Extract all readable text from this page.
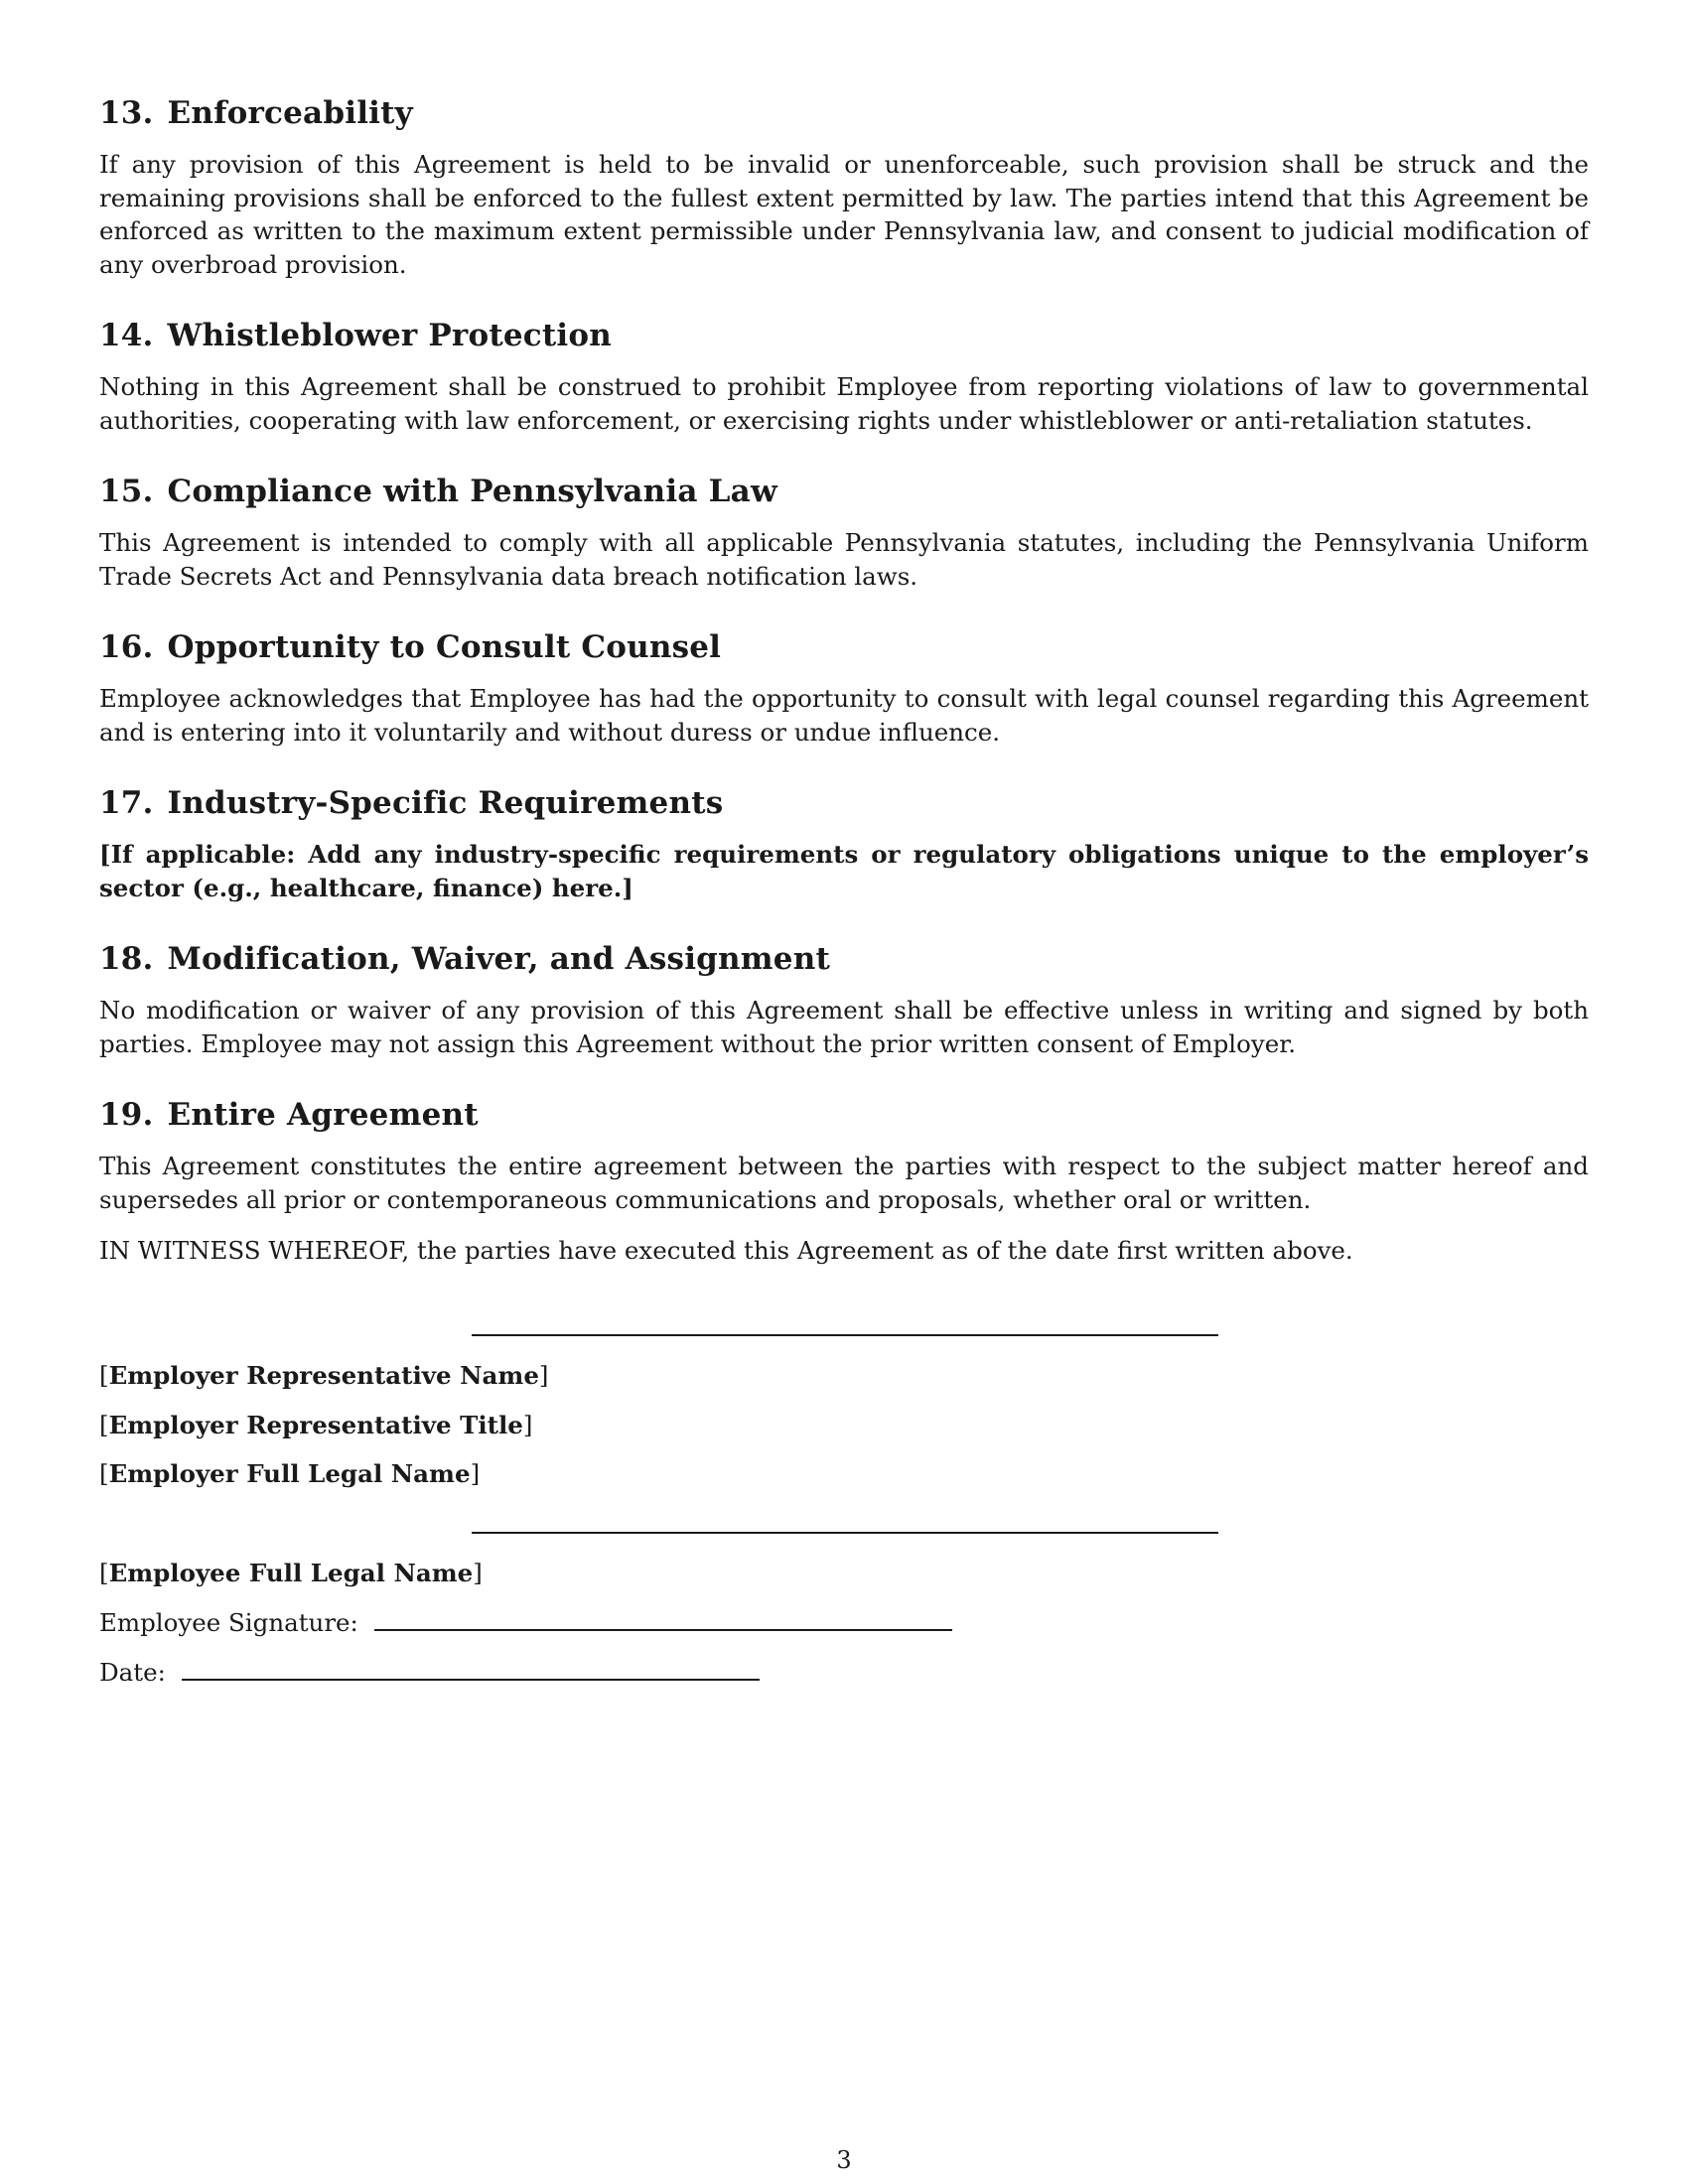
13. Enforceability

If any provision of this Agreement is held to be invalid or unenforceable, such provision shall be struck and the remaining provisions shall be enforced to the fullest extent permitted by law. The parties intend that this Agreement be enforced as written to the maximum extent permissible under Pennsylvania law, and consent to judicial modification of any overbroad provision.

14. Whistleblower Protection

Nothing in this Agreement shall be construed to prohibit Employee from reporting violations of law to governmental authorities, cooperating with law enforcement, or exercising rights under whistleblower or anti-retaliation statutes.

15. Compliance with Pennsylvania Law

This Agreement is intended to comply with all applicable Pennsylvania statutes, including the Pennsylvania Uniform Trade Secrets Act and Pennsylvania data breach notification laws.

16. Opportunity to Consult Counsel

Employee acknowledges that Employee has had the opportunity to consult with legal counsel regarding this Agreement and is entering into it voluntarily and without duress or undue influence.

17. Industry-Specific Requirements

[If applicable: Add any industry-specific requirements or regulatory obligations unique to the employer’s sector (e.g., healthcare, finance) here.]

18. Modification, Waiver, and Assignment

No modification or waiver of any provision of this Agreement shall be effective unless in writing and signed by both parties. Employee may not assign this Agreement without the prior written consent of Employer.

19. Entire Agreement

This Agreement constitutes the entire agreement between the parties with respect to the subject matter hereof and supersedes all prior or contemporaneous communications and proposals, whether oral or written.

IN WITNESS WHEREOF, the parties have executed this Agreement as of the date first written above.

[Employer Representative Name]
[Employer Representative Title]
[Employer Full Legal Name]
[Employee Full Legal Name]
Employee Signature:
Date:
3
